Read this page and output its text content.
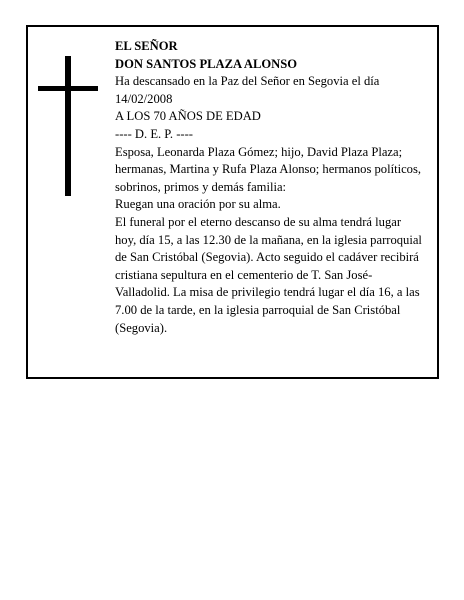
EL SEÑOR

DON SANTOS PLAZA ALONSO

Ha descansado en la Paz del Señor en Segovia el día 14/02/2008

A LOS 70 AÑOS DE EDAD

---- D. E. P. ----

Esposa, Leonarda Plaza Gómez; hijo, David Plaza Plaza; hermanas, Martina y Rufa Plaza Alonso; hermanos políticos, sobrinos, primos y demás familia:

Ruegan una oración por su alma.

El funeral por el eterno descanso de su alma tendrá lugar hoy, día 15, a las 12.30 de la mañana, en la iglesia parroquial de San Cristóbal (Segovia). Acto seguido el cadáver recibirá cristiana sepultura en el cementerio de T. San José-Valladolid. La misa de privilegio tendrá lugar el día 16, a las 7.00 de la tarde, en la iglesia parroquial de San Cristóbal (Segovia).
